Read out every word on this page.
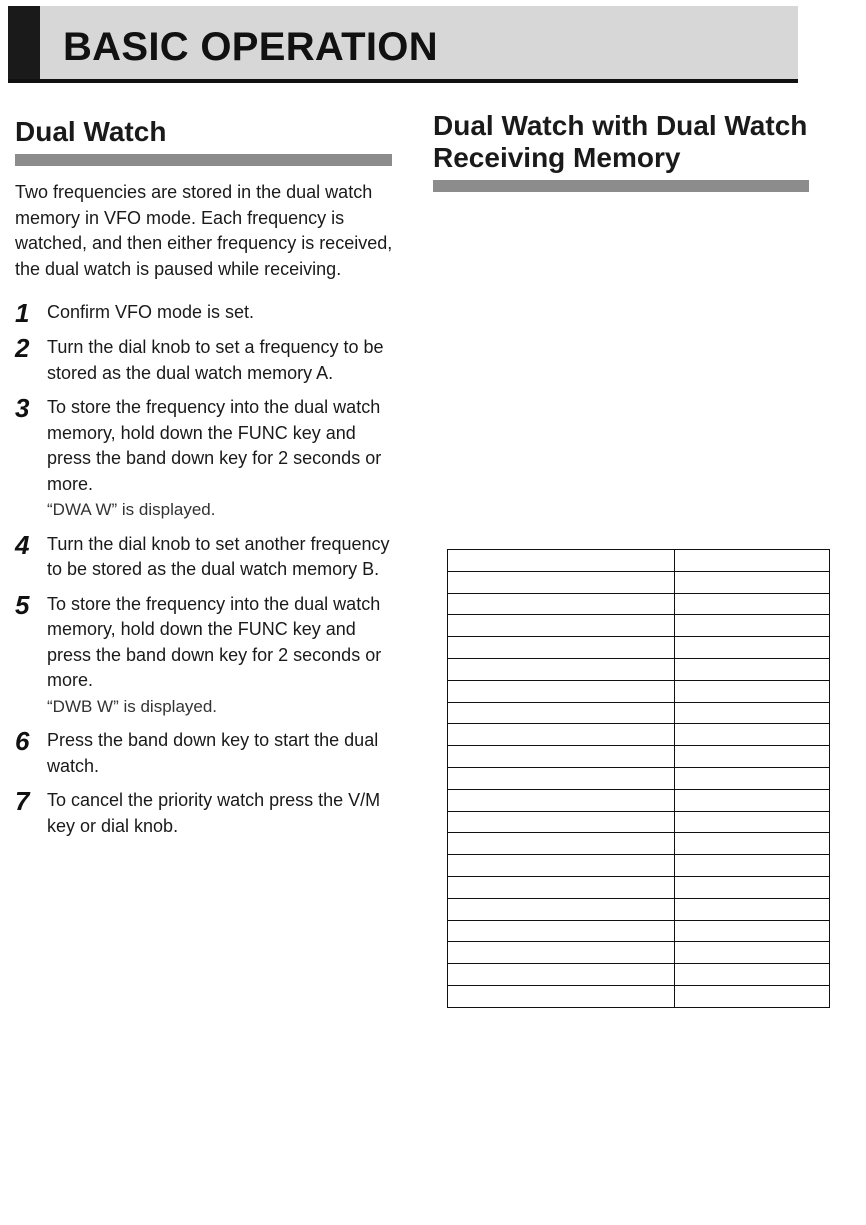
BASIC OPERATION
Dual Watch

Two frequencies are stored in the dual watch memory in VFO mode. Each frequency is watched, and then either frequency is received, the dual watch is paused while receiving.

1 Confirm VFO mode is set.
2 Turn the dial knob to set a frequency to be stored as the dual watch memory A.
3 To store the frequency into the dual watch memory, hold down the FUNC key and press the band down key for 2 seconds or more.
“DWA W” is displayed.
4 Turn the dial knob to set another frequency to be stored as the dual watch memory B.
5 To store the frequency into the dual watch memory, hold down the FUNC key and press the band down key for 2 seconds or more.
“DWB W” is displayed.
6 Press the band down key to start the dual watch.
7 To cancel the priority watch press the V/M key or dial knob.
Dual Watch with Dual Watch Receiving Memory
